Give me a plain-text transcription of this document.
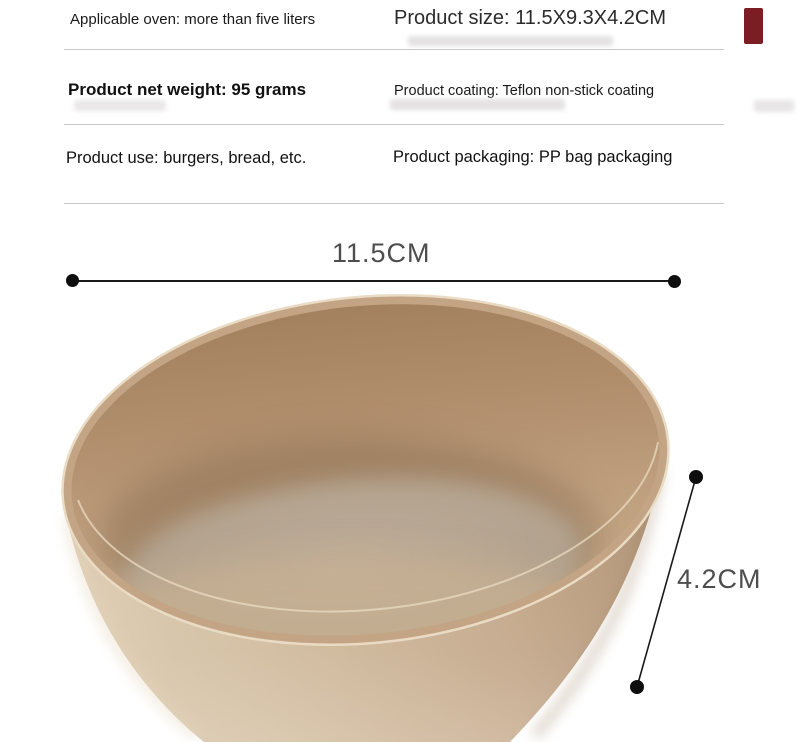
Applicable oven: more than five liters	Product size: 11.5X9.3X4.2CM
Product net weight: 95 grams	Product coating: Teflon non-stick coating
Product use: burgers, bread, etc.	Product packaging: PP bag packaging
11.5CM
4.2CM
